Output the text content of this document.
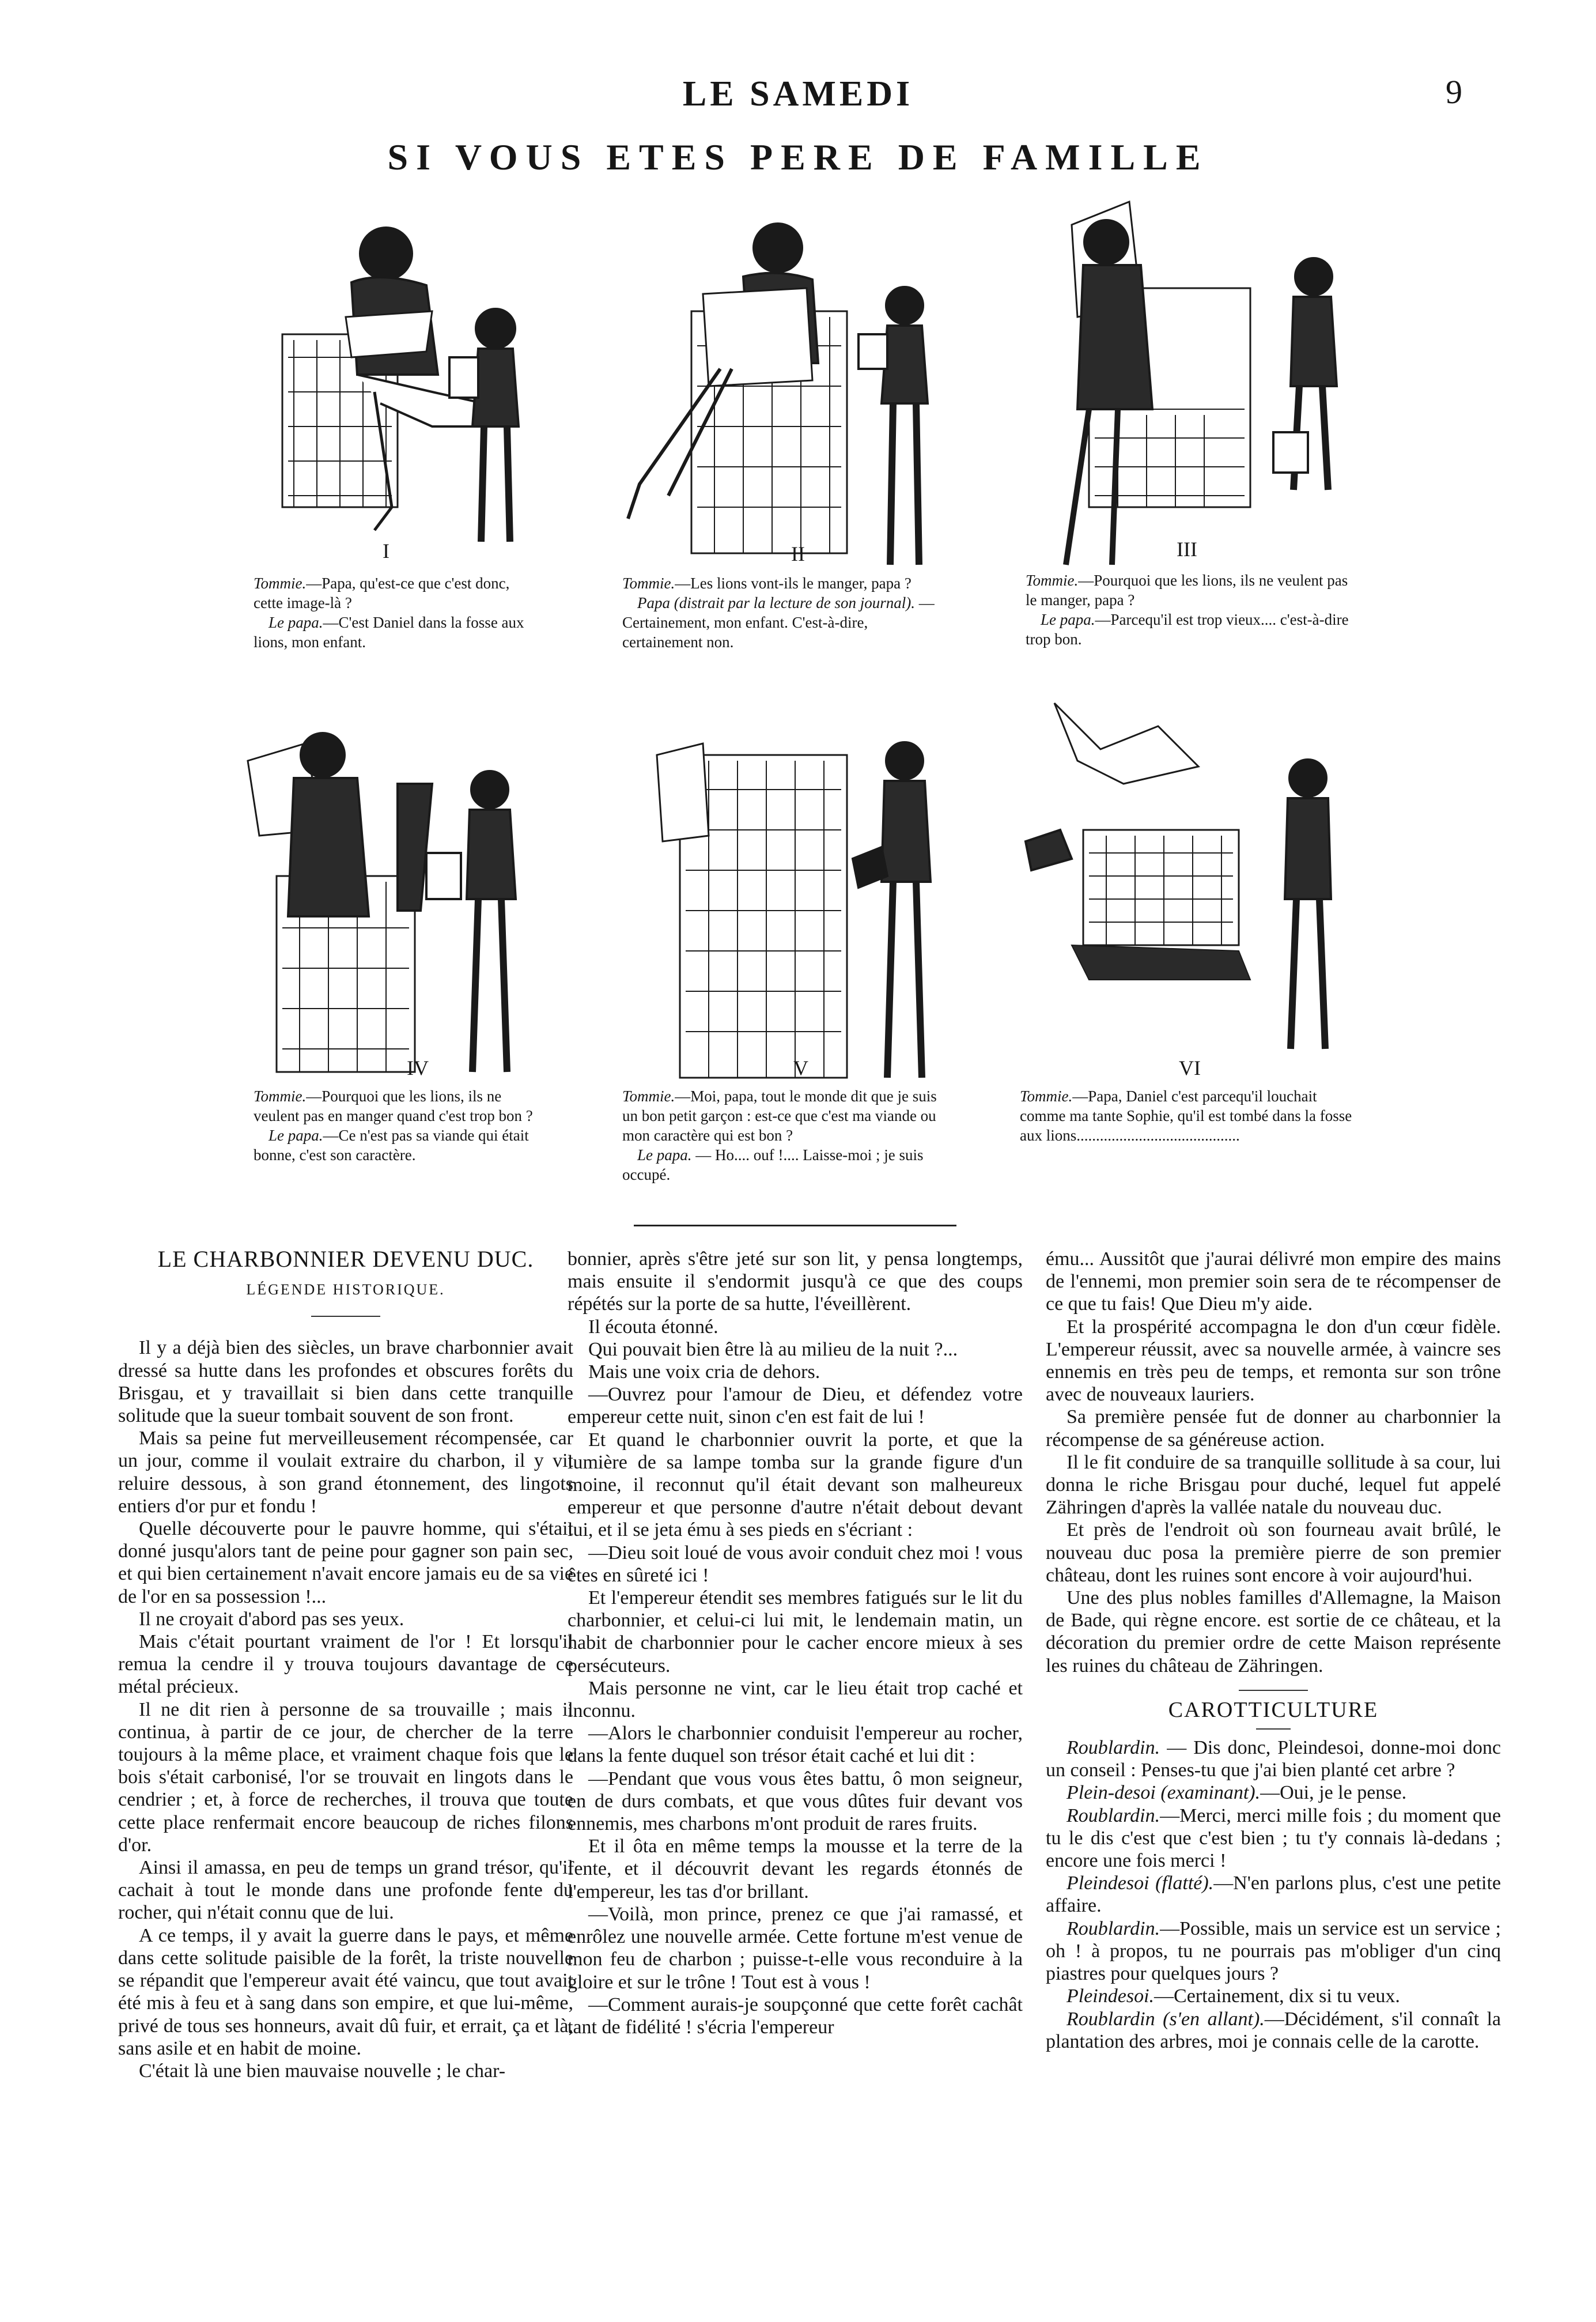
LE SAMEDI	9
SI VOUS ETES PERE DE FAMILLE
I	II	III
IV	V	VI

Tommie.—Papa, qu'est-ce que c'est donc, cette image-là ?

Le papa.—C'est Daniel dans la fosse aux lions, mon enfant.

Tommie.—Les lions vont-ils le manger, papa ?

Papa (distrait par la lecture de son journal). — Certainement, mon enfant. C'est-à-dire, certainement non.

Tommie.—Pourquoi que les lions, ils ne veulent pas le manger, papa ?

Le papa.—Parcequ'il est trop vieux.... c'est-à-dire trop bon.

Tommie.—Pourquoi que les lions, ils ne veulent pas en manger quand c'est trop bon ?

Le papa.—Ce n'est pas sa viande qui était bonne, c'est son caractère.

Tommie.—Moi, papa, tout le monde dit que je suis un bon petit garçon : est-ce que c'est ma viande ou mon caractère qui est bon ?

Le papa. — Ho.... ouf !.... Laisse-moi ; je suis occupé.

Tommie.—Papa, Daniel c'est parcequ'il louchait comme ma tante Sophie, qu'il est tombé dans la fosse aux lions..........................................

LE CHARBONNIER DEVENU DUC.
LÉGENDE HISTORIQUE.

Il y a déjà bien des siècles, un brave charbonnier avait dressé sa hutte dans les profondes et obscures forêts du Brisgau, et y travaillait si bien dans cette tranquille solitude que la sueur tombait souvent de son front.

Mais sa peine fut merveilleusement récompensée, car un jour, comme il voulait extraire du charbon, il y vit reluire dessous, à son grand étonnement, des lingots entiers d'or pur et fondu !

Quelle découverte pour le pauvre homme, qui s'était donné jusqu'alors tant de peine pour gagner son pain sec, et qui bien certainement n'avait encore jamais eu de sa vie de l'or en sa possession !...

Il ne croyait d'abord pas ses yeux.

Mais c'était pourtant vraiment de l'or ! Et lorsqu'il remua la cendre il y trouva toujours davantage de ce métal précieux.

Il ne dit rien à personne de sa trouvaille ; mais il continua, à partir de ce jour, de chercher de la terre toujours à la même place, et vraiment chaque fois que le bois s'était carbonisé, l'or se trouvait en lingots dans le cendrier ; et, à force de recherches, il trouva que toute cette place renfermait encore beaucoup de riches filons d'or.

Ainsi il amassa, en peu de temps un grand trésor, qu'il cachait à tout le monde dans une profonde fente du rocher, qui n'était connu que de lui.

A ce temps, il y avait la guerre dans le pays, et même dans cette solitude paisible de la forêt, la triste nouvelle se répandit que l'empereur avait été vaincu, que tout avait été mis à feu et à sang dans son empire, et que lui-même, privé de tous ses honneurs, avait dû fuir, et errait, ça et là, sans asile et en habit de moine.

C'était là une bien mauvaise nouvelle ; le char-

bonnier, après s'être jeté sur son lit, y pensa longtemps, mais ensuite il s'endormit jusqu'à ce que des coups répétés sur la porte de sa hutte, l'éveillèrent.

Il écouta étonné.

Qui pouvait bien être là au milieu de la nuit ?...

Mais une voix cria de dehors.

—Ouvrez pour l'amour de Dieu, et défendez votre empereur cette nuit, sinon c'en est fait de lui !

Et quand le charbonnier ouvrit la porte, et que la lumière de sa lampe tomba sur la grande figure d'un moine, il reconnut qu'il était devant son malheureux empereur et que personne d'autre n'était debout devant lui, et il se jeta ému à ses pieds en s'écriant :

—Dieu soit loué de vous avoir conduit chez moi ! vous êtes en sûreté ici !

Et l'empereur étendit ses membres fatigués sur le lit du charbonnier, et celui-ci lui mit, le lendemain matin, un habit de charbonnier pour le cacher encore mieux à ses persécuteurs.

Mais personne ne vint, car le lieu était trop caché et inconnu.

—Alors le charbonnier conduisit l'empereur au rocher, dans la fente duquel son trésor était caché et lui dit :

—Pendant que vous vous êtes battu, ô mon seigneur, en de durs combats, et que vous dûtes fuir devant vos ennemis, mes charbons m'ont produit de rares fruits.

Et il ôta en même temps la mousse et la terre de la fente, et il découvrit devant les regards étonnés de l'empereur, les tas d'or brillant.

—Voilà, mon prince, prenez ce que j'ai ramassé, et enrôlez une nouvelle armée. Cette fortune m'est venue de mon feu de charbon ; puisse-t-elle vous reconduire à la gloire et sur le trône ! Tout est à vous !

—Comment aurais-je soupçonné que cette forêt cachât tant de fidélité ! s'écria l'empereur

ému... Aussitôt que j'aurai délivré mon empire des mains de l'ennemi, mon premier soin sera de te récompenser de ce que tu fais! Que Dieu m'y aide.

Et la prospérité accompagna le don d'un cœur fidèle. L'empereur réussit, avec sa nouvelle armée, à vaincre ses ennemis en très peu de temps, et remonta sur son trône avec de nouveaux lauriers.

Sa première pensée fut de donner au charbonnier la récompense de sa généreuse action.

Il le fit conduire de sa tranquille sollitude à sa cour, lui donna le riche Brisgau pour duché, lequel fut appelé Zähringen d'après la vallée natale du nouveau duc.

Et près de l'endroit où son fourneau avait brûlé, le nouveau duc posa la première pierre de son premier château, dont les ruines sont encore à voir aujourd'hui.

Une des plus nobles familles d'Allemagne, la Maison de Bade, qui règne encore. est sortie de ce château, et la décoration du premier ordre de cette Maison représente les ruines du château de Zähringen.

CAROTTICULTURE

Roublardin. — Dis donc, Pleindesoi, donne-moi donc un conseil : Penses-tu que j'ai bien planté cet arbre ?

Plein-desoi (examinant).—Oui, je le pense.

Roublardin.—Merci, merci mille fois ; du moment que tu le dis c'est que c'est bien ; tu t'y connais là-dedans ; encore une fois merci !

Pleindesoi (flatté).—N'en parlons plus, c'est une petite affaire.

Roublardin.—Possible, mais un service est un service ; oh ! à propos, tu ne pourrais pas m'obliger d'un cinq piastres pour quelques jours ?

Pleindesoi.—Certainement, dix si tu veux.

Roublardin (s'en allant).—Décidément, s'il connaît la plantation des arbres, moi je connais celle de la carotte.
